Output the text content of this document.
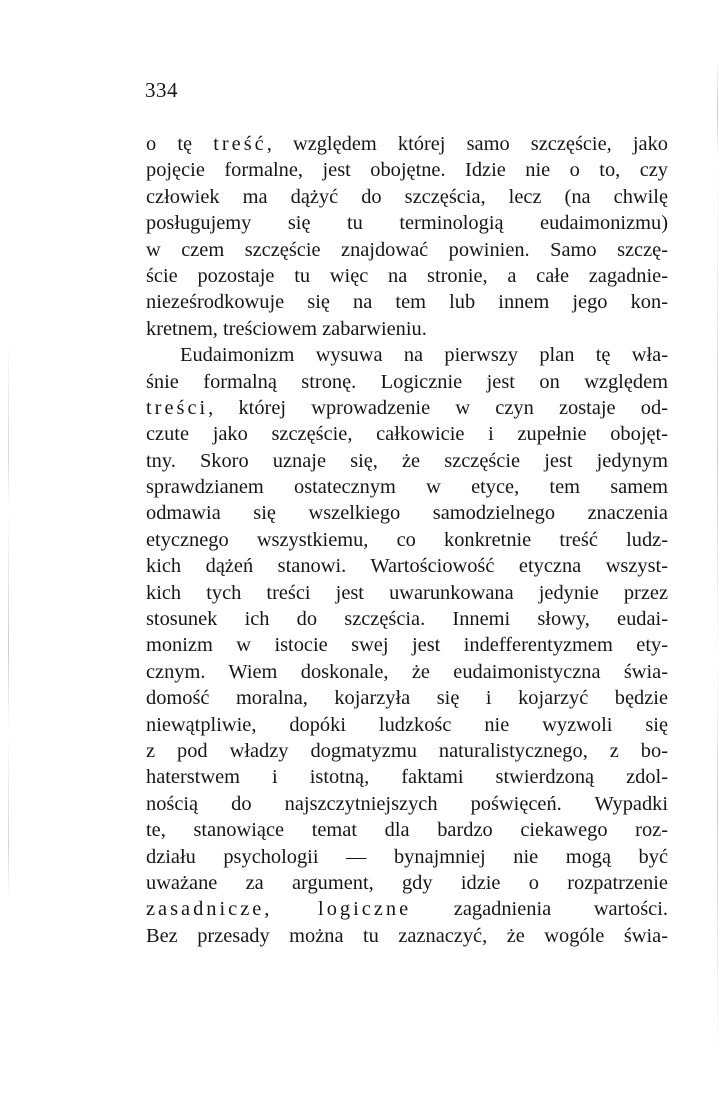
334
o tę treść, względem której samo szczęście, jako
pojęcie formalne, jest obojętne. Idzie nie o to, czy
człowiek ma dążyć do szczęścia, lecz (na chwilę
posługujemy się tu terminologią eudaimonizmu)
w czem szczęście znajdować powinien. Samo szczę-
ście pozostaje tu więc na stronie, a całe zagadnie-
nieześrodkowuje się na tem lub innem jego kon-
kretnem, treściowem zabarwieniu.
Eudaimonizm wysuwa na pierwszy plan tę wła-
śnie formalną stronę. Logicznie jest on względem
treści, której wprowadzenie w czyn zostaje od-
czute jako szczęście, całkowicie i zupełnie obojęt-
tny. Skoro uznaje się, że szczęście jest jedynym
sprawdzianem ostatecznym w etyce, tem samem
odmawia się wszelkiego samodzielnego znaczenia
etycznego wszystkiemu, co konkretnie treść ludz-
kich dążeń stanowi. Wartościowość etyczna wszyst-
kich tych treści jest uwarunkowana jedynie przez
stosunek ich do szczęścia. Innemi słowy, eudai-
monizm w istocie swej jest indefferentyzmem ety-
cznym. Wiem doskonale, że eudaimonistyczna świa-
domość moralna, kojarzyła się i kojarzyć będzie
niewątpliwie, dopóki ludzkośc nie wyzwoli się
z pod władzy dogmatyzmu naturalistycznego, z bo-
haterstwem i istotną, faktami stwierdzoną zdol-
nością do najszczytniejszych poświęceń. Wypadki
te, stanowiące temat dla bardzo ciekawego roz-
działu psychologii — bynajmniej nie mogą być
uważane za argument, gdy idzie o rozpatrzenie
zasadnicze, logiczne zagadnienia wartości.
Bez przesady można tu zaznaczyć, że wogóle świa-
